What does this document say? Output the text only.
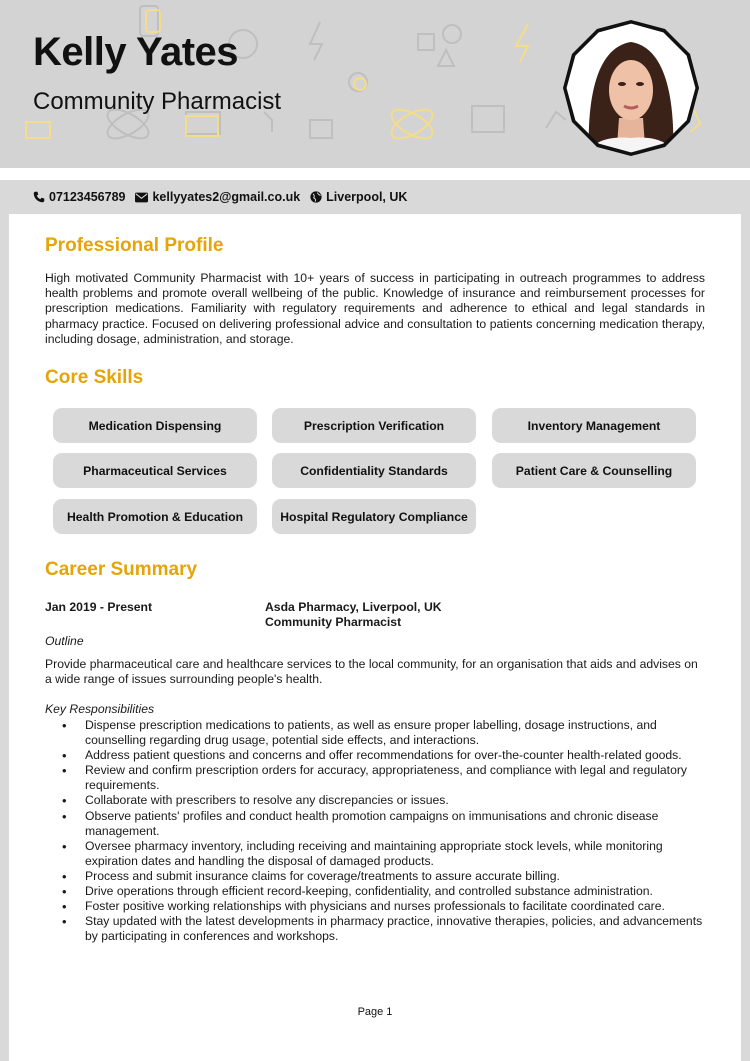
Kelly Yates
Community Pharmacist
07123456789 kellyyates2@gmail.co.uk Liverpool, UK
Professional Profile
High motivated Community Pharmacist with 10+ years of success in participating in outreach programmes to address health problems and promote overall wellbeing of the public. Knowledge of insurance and reimbursement processes for prescription medications. Familiarity with regulatory requirements and adherence to ethical and legal standards in pharmacy practice. Focused on delivering professional advice and consultation to patients concerning medication therapy, including dosage, administration, and storage.
Core Skills
Medication Dispensing	Prescription Verification	Inventory Management
Pharmaceutical Services	Confidentiality Standards	Patient Care & Counselling
Health Promotion & Education	Hospital Regulatory Compliance
Career Summary
Jan 2019 - Present	Asda Pharmacy, Liverpool, UK
Community Pharmacist
Outline
Provide pharmaceutical care and healthcare services to the local community, for an organisation that aids and advises on a wide range of issues surrounding people's health.
Key Responsibilities
• Dispense prescription medications to patients, as well as ensure proper labelling, dosage instructions, and counselling regarding drug usage, potential side effects, and interactions.
• Address patient questions and concerns and offer recommendations for over-the-counter health-related goods.
• Review and confirm prescription orders for accuracy, appropriateness, and compliance with legal and regulatory requirements.
• Collaborate with prescribers to resolve any discrepancies or issues.
• Observe patients' profiles and conduct health promotion campaigns on immunisations and chronic disease management.
• Oversee pharmacy inventory, including receiving and maintaining appropriate stock levels, while monitoring expiration dates and handling the disposal of damaged products.
• Process and submit insurance claims for coverage/treatments to assure accurate billing.
• Drive operations through efficient record-keeping, confidentiality, and controlled substance administration.
• Foster positive working relationships with physicians and nurses professionals to facilitate coordinated care.
• Stay updated with the latest developments in pharmacy practice, innovative therapies, policies, and advancements by participating in conferences and workshops.
Page 1
